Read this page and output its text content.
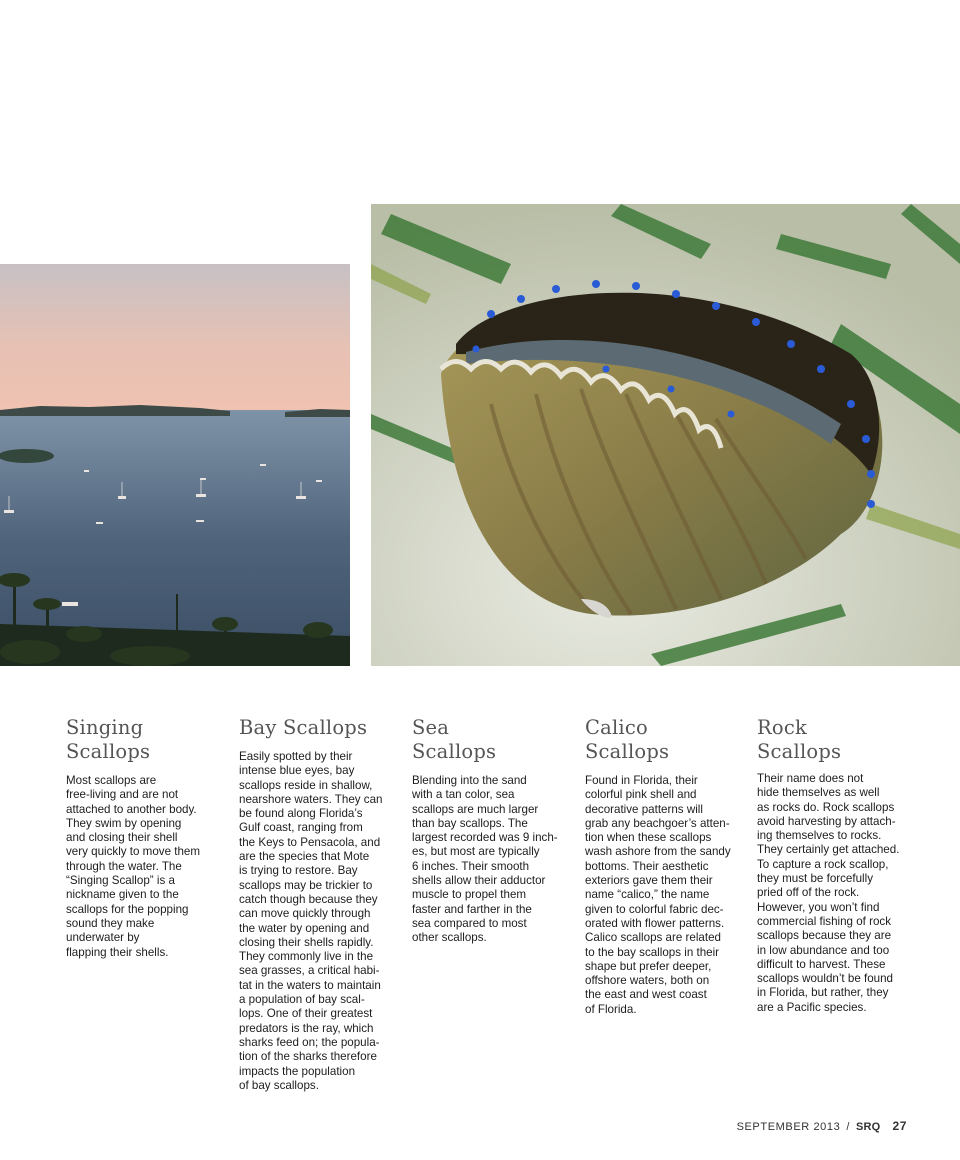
Singing
Scallops

Most scallops are
free-living and are not
attached to another body.
They swim by opening
and closing their shell
very quickly to move them
through the water. The
“Singing Scallop” is a
nickname given to the
scallops for the popping
sound they make
underwater by
flapping their shells.

Bay Scallops

Easily spotted by their
intense blue eyes, bay
scallops reside in shallow,
nearshore waters. They can
be found along Florida’s
Gulf coast, ranging from
the Keys to Pensacola, and
are the species that Mote
is trying to restore. Bay
scallops may be trickier to
catch though because they
can move quickly through
the water by opening and
closing their shells rapidly.
They commonly live in the
sea grasses, a critical habi-
tat in the waters to maintain
a population of bay scal-
lops. One of their greatest
predators is the ray, which
sharks feed on; the popula-
tion of the sharks therefore
impacts the population
of bay scallops.

Sea
Scallops

Blending into the sand
with a tan color, sea
scallops are much larger
than bay scallops. The
largest recorded was 9 inch-
es, but most are typically
6 inches. Their smooth
shells allow their adductor
muscle to propel them
faster and farther in the
sea compared to most
other scallops.

Calico
Scallops

Found in Florida, their
colorful pink shell and
decorative patterns will
grab any beachgoer’s atten-
tion when these scallops
wash ashore from the sandy
bottoms. Their aesthetic
exteriors gave them their
name “calico,” the name
given to colorful fabric dec-
orated with flower patterns.
Calico scallops are related
to the bay scallops in their
shape but prefer deeper,
offshore waters, both on
the east and west coast
of Florida.

Rock
Scallops

Their name does not
hide themselves as well
as rocks do. Rock scallops
avoid harvesting by attach-
ing themselves to rocks.
They certainly get attached.
To capture a rock scallop,
they must be forcefully
pried off of the rock.
However, you won’t find
commercial fishing of rock
scallops because they are
in low abundance and too
difficult to harvest. These
scallops wouldn’t be found
in Florida, but rather, they
are a Pacific species.

SEPTEMBER 2013 / SRQ 27
